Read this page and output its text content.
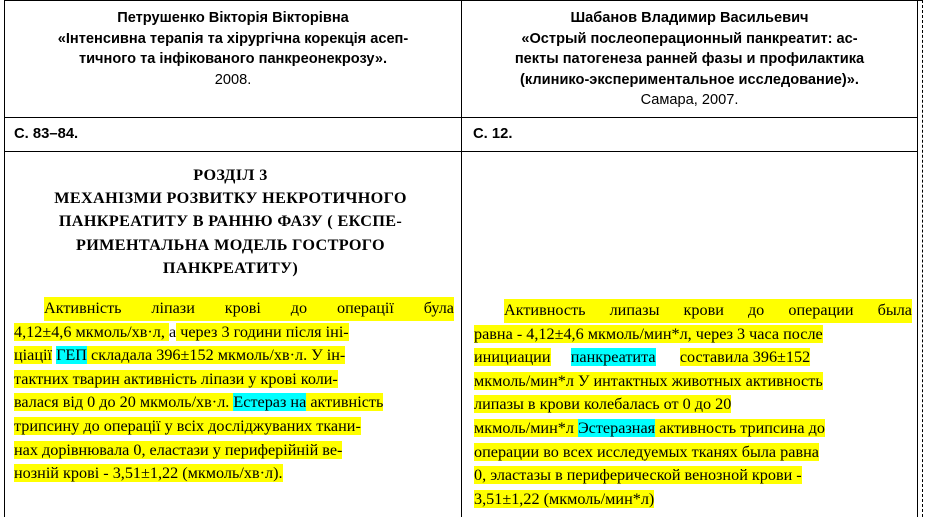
Петрушенко Вікторія Вікторівна
«Інтенсивна терапія та хірургічна корекція асеп-
тичного та інфікованого панкреонекрозу».
2008.
Шабанов Владимир Васильевич
«Острый послеоперационный панкреатит: ас-
пекты патогенеза ранней фазы и профилактика
(клинико-экспериментальное исследование)».
Самара, 2007.
С. 83–84.	С. 12.
РОЗДІЛ 3
МЕХАНІЗМИ РОЗВИТКУ НЕКРОТИЧНОГО
ПАНКРЕАТИТУ В РАННЮ ФАЗУ ( ЕКСПЕ-
РИМЕНТАЛЬНА МОДЕЛЬ ГОСТРОГО
ПАНКРЕАТИТУ)
Активність ліпази крові до операції була
4,12±4,6 мкмоль/хв·л, а через 3 години після іні-
ціації ГЕП складала 396±152 мкмоль/хв·л. У ін-
тактних тварин активність ліпази у крові коли-
валася від 0 до 20 мкмоль/хв·л. Естераз на активність
трипсину до операції у всіх досліджуваних ткани-
нах дорівнювала 0, еластази у периферійній ве-
нозній крові - 3,51±1,22 (мкмоль/хв·л).
Активность липазы крови до операции была
равна - 4,12±4,6 мкмоль/мин*л, через 3 часа после
инициации панкреатита составила 396±152
мкмоль/мин*л У интактных животных активность
липазы в крови колебалась от 0 до 20
мкмоль/мин*л Эстеразная активность трипсина до
операции во всех исследуемых тканях была равна
0, эластазы в периферической венозной крови -
3,51±1,22 (мкмоль/мин*л)
